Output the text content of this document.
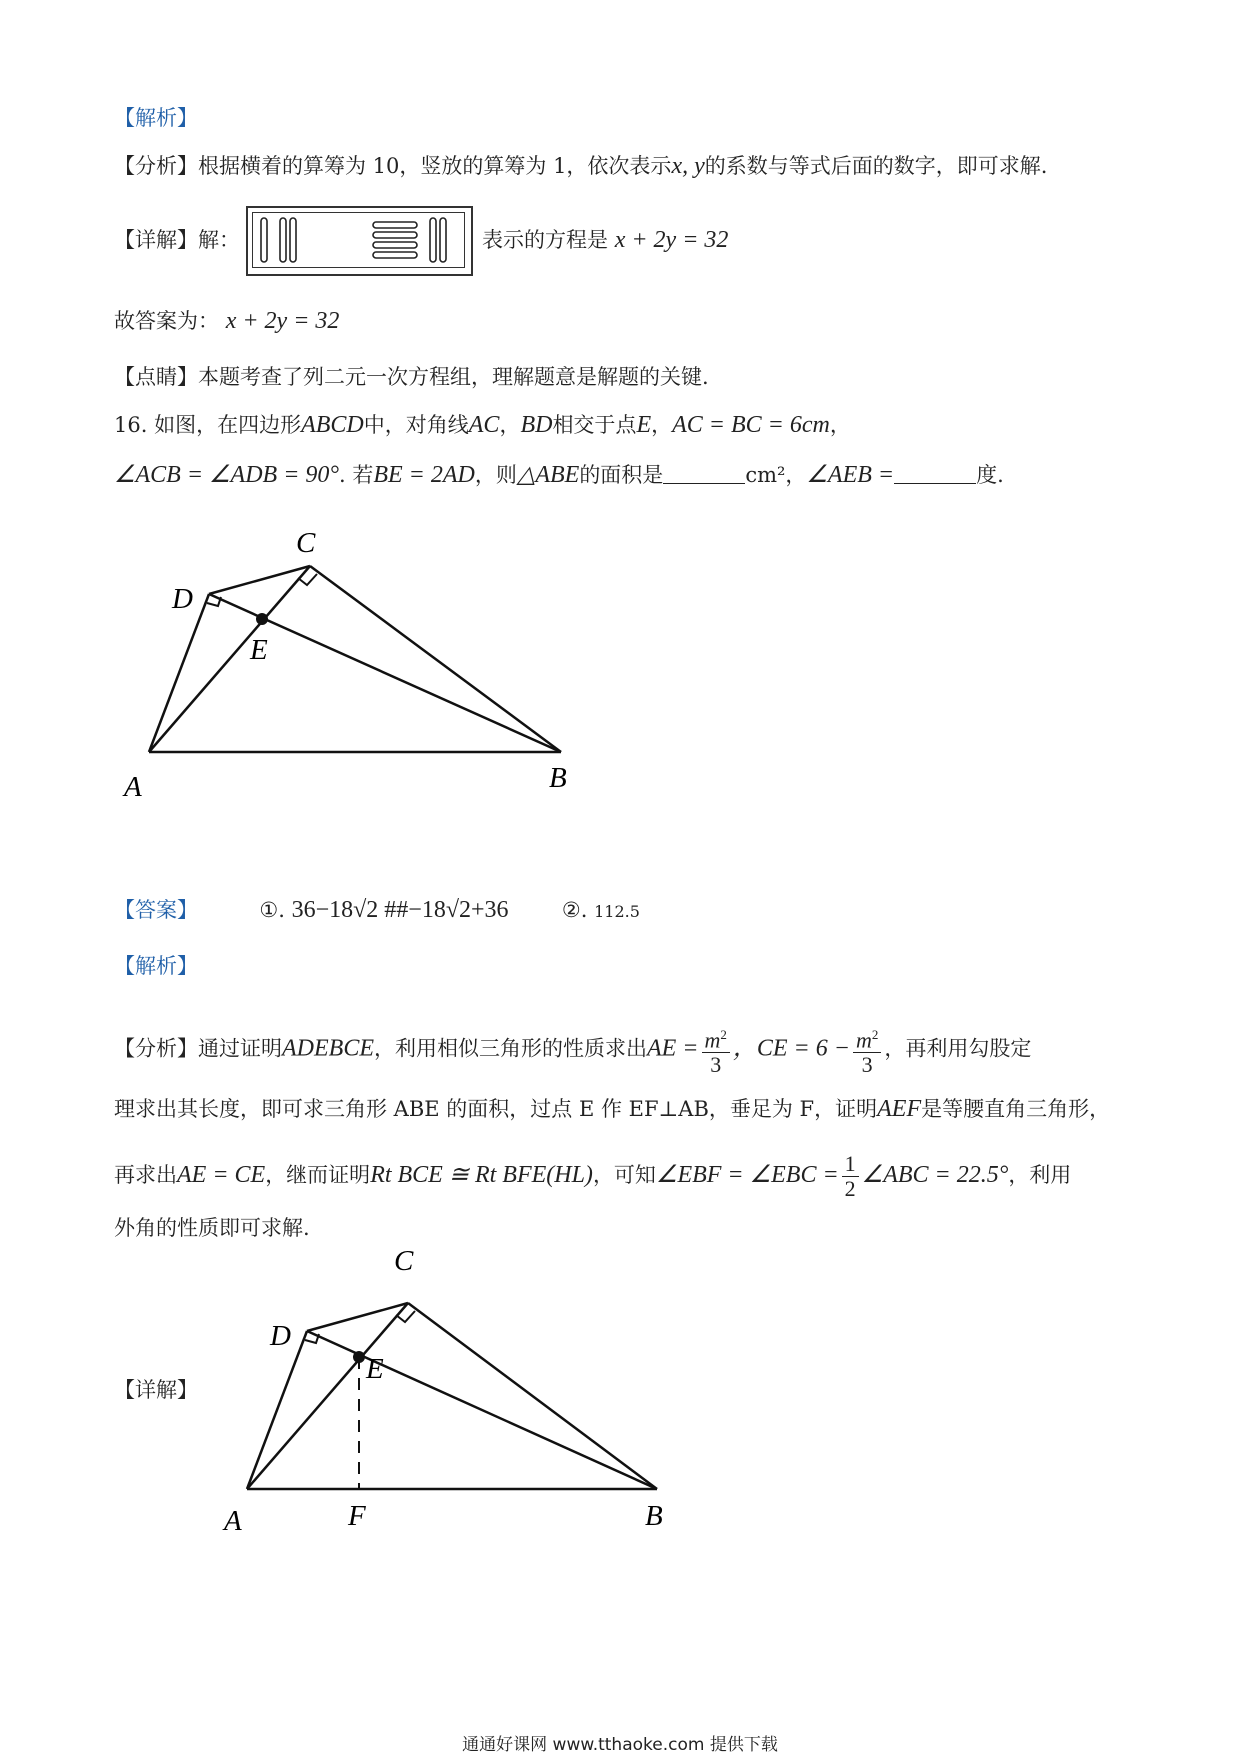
【解析】
【分析】根据横着的算筹为 10，竖放的算筹为 1，依次表示x, y的系数与等式后面的数字，即可求解.
【详解】解：	表示的方程是 x + 2y = 32
故答案为： x + 2y = 32
【点睛】本题考查了列二元一次方程组，理解题意是解题的关键.
16. 如图，在四边形ABCD中，对角线AC，BD相交于点E，AC = BC = 6cm，
∠ACB = ∠ADB = 90°. 若BE = 2AD，则△ABE的面积是	cm²，∠AEB =	度.
C
D
E
A	B
【答案】	①. 36−18√2 ##−18√2+36	②. 112.5
【解析】
【分析】通过证明ADEBCE，利用相似三角形的性质求出AE = $\frac{m^2}{3}$ ，CE = $6 - \frac{m^2}{3}$ ，再利用勾股定
理求出其长度，即可求三角形 ABE 的面积，过点 E 作 EF⊥AB，垂足为 F，证明AEF是等腰直角三角形，
再求出AE = CE，继而证明Rt BCE ≅ Rt BFE(HL)，可知∠EBF = ∠EBC = $\frac{1}{2}$ ∠ABC = 22.5°，利用
外角的性质即可求解.
【详解】
C
D
E
A	F	B
通通好课网 www.tthaoke.com 提供下载
